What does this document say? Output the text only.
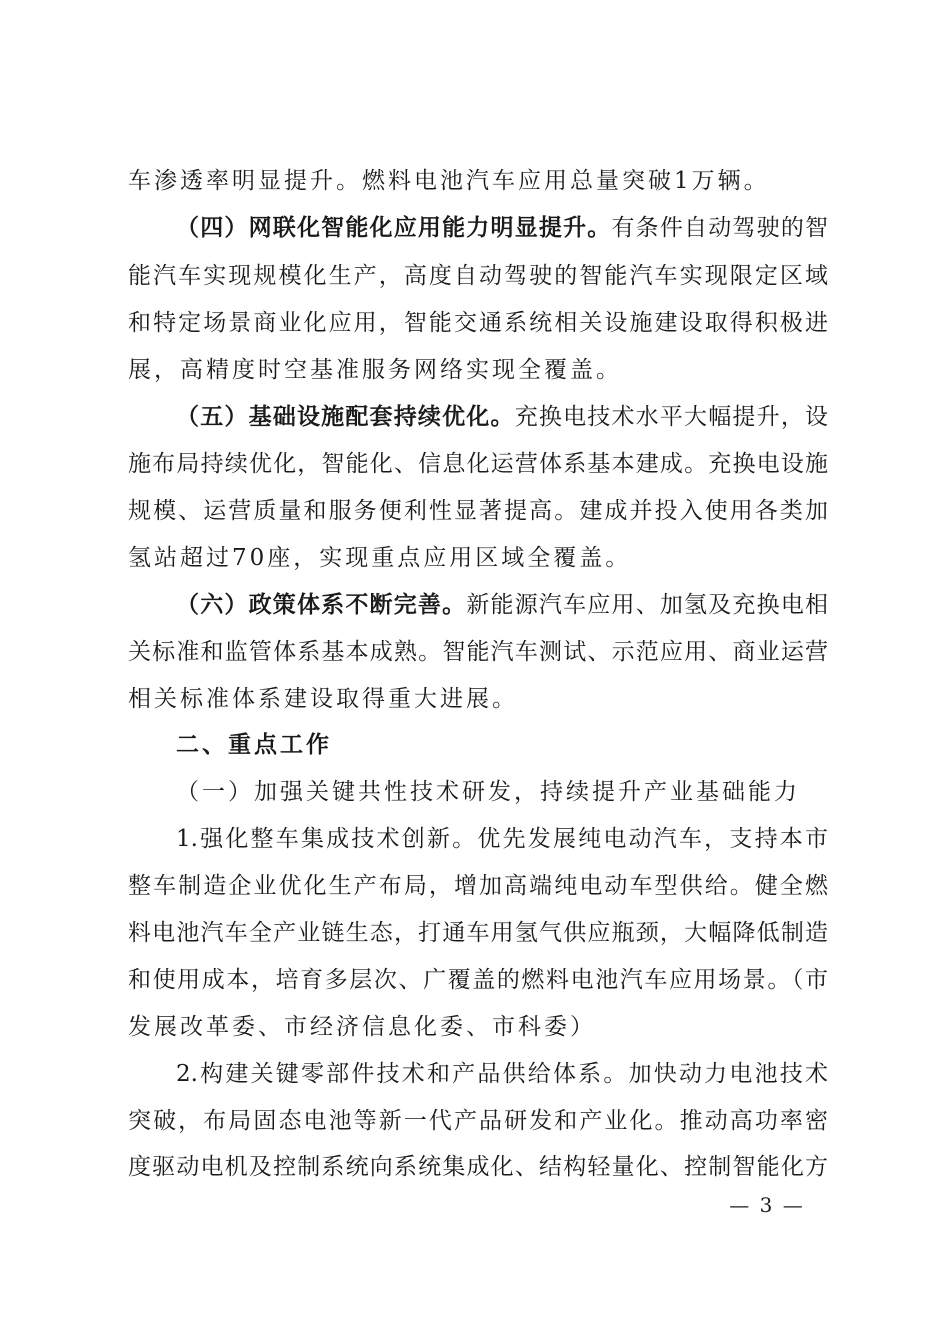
车渗透率明显提升。燃料电池汽车应用总量突破1万辆。
（四）网联化智能化应用能力明显提升。有条件自动驾驶的智
能汽车实现规模化生产，高度自动驾驶的智能汽车实现限定区域
和特定场景商业化应用，智能交通系统相关设施建设取得积极进
展，高精度时空基准服务网络实现全覆盖。
（五）基础设施配套持续优化。充换电技术水平大幅提升，设
施布局持续优化，智能化、信息化运营体系基本建成。充换电设施
规模、运营质量和服务便利性显著提高。建成并投入使用各类加
氢站超过70座，实现重点应用区域全覆盖。
（六）政策体系不断完善。新能源汽车应用、加氢及充换电相
关标准和监管体系基本成熟。智能汽车测试、示范应用、商业运营
相关标准体系建设取得重大进展。
二、重点工作
（一）加强关键共性技术研发，持续提升产业基础能力
1.强化整车集成技术创新。优先发展纯电动汽车，支持本市
整车制造企业优化生产布局，增加高端纯电动车型供给。健全燃
料电池汽车全产业链生态，打通车用氢气供应瓶颈，大幅降低制造
和使用成本，培育多层次、广覆盖的燃料电池汽车应用场景。（市
发展改革委、市经济信息化委、市科委）
2.构建关键零部件技术和产品供给体系。加快动力电池技术
突破，布局固态电池等新一代产品研发和产业化。推动高功率密
度驱动电机及控制系统向系统集成化、结构轻量化、控制智能化方
— 3 —
